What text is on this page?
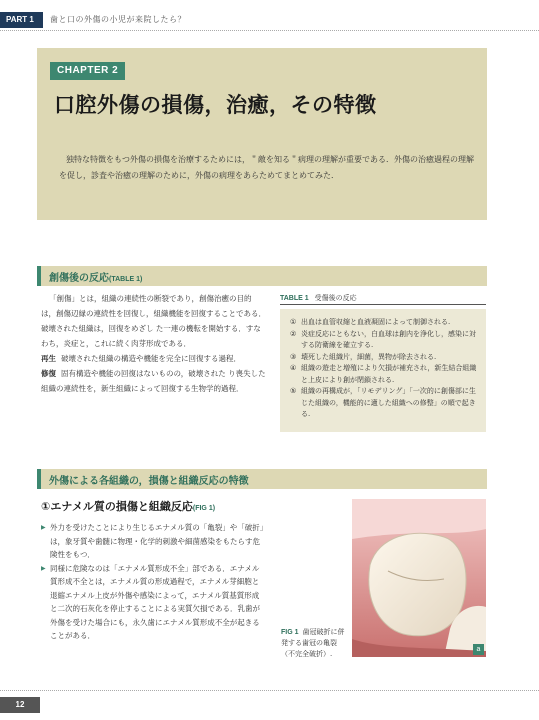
PART 1	歯と口の外傷の小児が来院したら？
CHAPTER 2
口腔外傷の損傷，治癒，その特徴
独特な特徴をもつ外傷の損傷を治療するためには，＂敵を知る＂病理の理解が重要である．外傷の治癒過程の理解を促し，診査や治癒の理解のために，外傷の病理をあらためてまとめてみた．
創傷後の反応(TABLE 1)

「創傷」とは，組織の連続性の断裂であり，創傷治癒の目的は，創傷辺縁の連続性を回復し，組織機能を回復することである．破壊された組織は，回復をめざし た一連の機転を開始する．すなわち，炎症と，これに続く肉芽形成である．

再生 破壊された組織の構造や機能を完全に回復する過程．

修復 固有構造や機能の回復はないものの，破壊された り喪失した組織の連続性を，新生組織によって回復する生物学的過程．

TABLE 1 受傷後の反応
① 出血は血管収縮と血液凝固によって制御される.
② 炎症反応にともない，白血球は創内を浄化し，感染に対する防衛線を確立する.
③ 壊死した組織片，細菌，異物が除去される.
④ 組織の遊走と増殖により欠損が補充され，新生結合組織と上皮により創が閉鎖される.
⑤ 組織の再構成が，「リモデリング」「一次的に創傷部に生じた組織の，機能的に適した組織への修整」の順で起きる.
外傷による各組織の，損傷と組織反応の特徴
①エナメル質の損傷と組織反応(FIG 1)
▶ 外力を受けたことにより生じるエナメル質の「亀裂」や「破折」は，象牙質や歯髄に物理・化学的刺激や細菌感染をもたらす危険性をもつ．
▶ 同様に危険なのは「エナメル質形成不全」部である．エナメル質形成不全とは，エナメル質の形成過程で，エナメル芽細胞と退縮エナメル上皮が外傷や感染によって，エナメル質基質形成と二次的石灰化を停止することによる実質欠損である．乳歯が外傷を受けた場合にも，永久歯にエナメル質形成不全が起きることがある．
a
FIG 1 歯冠破折に併発する歯冠の亀裂（不完全破折）.
12
